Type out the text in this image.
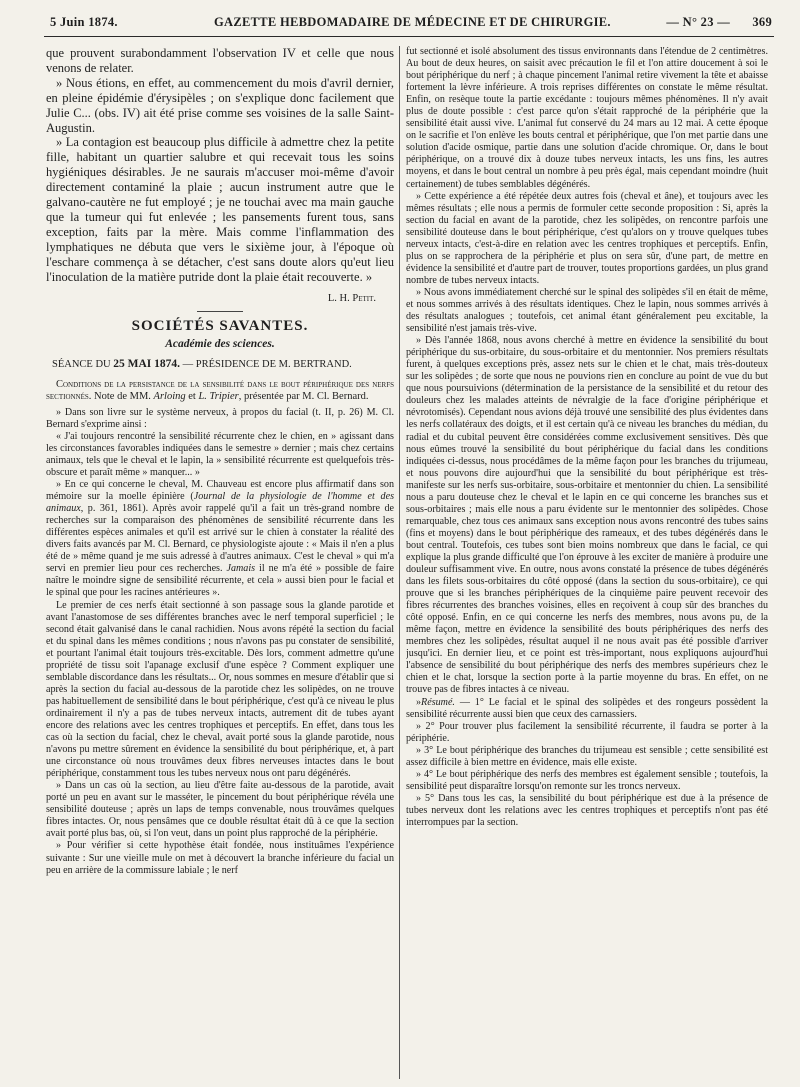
5 Juin 1874.	GAZETTE HEBDOMADAIRE DE MÉDECINE ET DE CHIRURGIE.	— N° 23 — 369

que prouvent surabondamment l'observation IV et celle que nous venons de relater.

» Nous étions, en effet, au commencement du mois d'avril dernier, en pleine épidémie d'érysipèles ; on s'explique donc facilement que Julie C... (obs. IV) ait été prise comme ses voisines de la salle Saint-Augustin.

» La contagion est beaucoup plus difficile à admettre chez la petite fille, habitant un quartier salubre et qui recevait tous les soins hygiéniques désirables. Je ne saurais m'accuser moi-même d'avoir directement contaminé la plaie ; aucun instrument autre que le galvano-cautère ne fut employé ; je ne touchai avec ma main gauche que la tumeur qui fut enlevée ; les pansements furent tous, sans exception, faits par la mère. Mais comme l'inflammation des lymphatiques ne débuta que vers le sixième jour, à l'époque où l'eschare commença à se détacher, c'est sans doute alors qu'eut lieu l'inoculation de la matière putride dont la plaie était recouverte. »

L. H. Petit.

SOCIÉTÉS SAVANTES.
Académie des sciences.

SÉANCE DU 25 MAI 1874. — PRÉSIDENCE DE M. BERTRAND.

Conditions de la persistance de la sensibilité dans le bout périphérique des nerfs sectionnés. Note de MM. Arloing et L. Tripier, présentée par M. Cl. Bernard.

» Dans son livre sur le système nerveux, à propos du facial (t. II, p. 26) M. Cl. Bernard s'exprime ainsi :

« J'ai toujours rencontré la sensibilité récurrente chez le chien, en » agissant dans les circonstances favorables indiquées dans le semestre » dernier ; mais chez certains animaux, tels que le cheval et le lapin, la » sensibilité récurrente est quelquefois très-obscure et paraît même » manquer... »

» En ce qui concerne le cheval, M. Chauveau est encore plus affirmatif dans son mémoire sur la moelle épinière (Journal de la physiologie de l'homme et des animaux, p. 361, 1861). Après avoir rappelé qu'il a fait un très-grand nombre de recherches sur la comparaison des phénomènes de sensibilité récurrente dans les différentes espèces animales et qu'il est arrivé sur le chien à constater la réalité des divers faits avancés par M. Cl. Bernard, ce physiologiste ajoute : « Mais il n'en a plus été de » même quand je me suis adressé à d'autres animaux. C'est le cheval » qui m'a servi en premier lieu pour ces recherches. Jamais il ne m'a été » possible de faire naître le moindre signe de sensibilité récurrente, et cela » aussi bien pour le facial et le spinal que pour les racines antérieures ».

Le premier de ces nerfs était sectionné à son passage sous la glande parotide et avant l'anastomose de ses différentes branches avec le nerf temporal superficiel ; le second était galvanisé dans le canal rachidien. Nous avons répété la section du facial et du spinal dans les mêmes conditions ; nous n'avons pas pu constater de sensibilité, et pourtant l'animal était toujours très-excitable. Dès lors, comment admettre qu'une propriété de tissu soit l'apanage exclusif d'une espèce ? Comment expliquer une semblable discordance dans les résultats... Or, nous sommes en mesure d'établir que si après la section du facial au-dessous de la parotide chez les solipèdes, on ne trouve pas habituellement de sensibilité dans le bout périphérique, c'est qu'à ce niveau le plus ordinairement il n'y a pas de tubes nerveux intacts, autrement dit de tubes ayant encore des relations avec les centres trophiques et perceptifs. En effet, dans tous les cas où la section du facial, chez le cheval, avait porté sous la glande parotide, nous n'avons pu mettre sûrement en évidence la sensibilité du bout périphérique, et, à part une circonstance où nous trouvâmes deux fibres nerveuses intactes dans le bout périphérique, constamment tous les tubes nerveux nous ont paru dégénérés.

» Dans un cas où la section, au lieu d'être faite au-dessous de la parotide, avait porté un peu en avant sur le masséter, le pincement du bout périphérique révéla une sensibilité douteuse ; après un laps de temps convenable, nous trouvâmes quelques fibres intactes. Or, nous pensâmes que ce double résultat était dû à ce que la section avait porté plus bas, où, si l'on veut, dans un point plus rapproché de la périphérie.

» Pour vérifier si cette hypothèse était fondée, nous instituâmes l'expérience suivante : Sur une vieille mule on met à découvert la branche inférieure du facial un peu en arrière de la commissure labiale ; le nerf

fut sectionné et isolé absolument des tissus environnants dans l'étendue de 2 centimètres. Au bout de deux heures, on saisit avec précaution le fil et l'on attire doucement à soi le bout périphérique du nerf ; à chaque pincement l'animal retire vivement la tête et abaisse fortement la lèvre inférieure. A trois reprises différentes on constate le même résultat. Enfin, on resèque toute la partie excédante : toujours mêmes phénomènes. Il n'y avait plus de doute possible : c'est parce qu'on s'était rapproché de la périphérie que la sensibilité était aussi vive. L'animal fut conservé du 24 mars au 12 mai. A cette époque on le sacrifie et l'on enlève les bouts central et périphérique, que l'on met partie dans une solution d'acide osmique, partie dans une solution d'acide chromique. Or, dans le bout périphérique, on a trouvé dix à douze tubes nerveux intacts, les uns fins, les autres moyens, et dans le bout central un nombre à peu près égal, mais cependant moindre (huit certainement) de tubes semblables dégénérés.

» Cette expérience a été répétée deux autres fois (cheval et âne), et toujours avec les mêmes résultats ; elle nous a permis de formuler cette seconde proposition : Si, après la section du facial en avant de la parotide, chez les solipèdes, on rencontre parfois une sensibilité douteuse dans le bout périphérique, c'est qu'alors on y trouve quelques tubes nerveux intacts, c'est-à-dire en relation avec les centres trophiques et perceptifs. Enfin, plus on se rapprochera de la périphérie et plus on sera sûr, d'une part, de mettre en évidence la sensibilité et d'autre part de trouver, toutes proportions gardées, un plus grand nombre de tubes nerveux intacts.

» Nous avons immédiatement cherché sur le spinal des solipèdes s'il en était de même, et nous sommes arrivés à des résultats identiques. Chez le lapin, nous sommes arrivés à des résultats analogues ; toutefois, cet animal étant généralement peu excitable, la sensibilité n'est jamais très-vive.

» Dès l'année 1868, nous avons cherché à mettre en évidence la sensibilité du bout périphérique du sus-orbitaire, du sous-orbitaire et du mentonnier. Nos premiers résultats furent, à quelques exceptions près, assez nets sur le chien et le chat, mais très-douteux sur les solipèdes ; de sorte que nous ne pouvions rien en conclure au point de vue du but que nous poursuivions (détermination de la persistance de la sensibilité et du retour des douleurs chez les malades atteints de névralgie de la face d'origine périphérique et névrotomisés). Cependant nous avions déjà trouvé une sensibilité des plus évidentes dans les nerfs collatéraux des doigts, et il est certain qu'à ce niveau les branches du médian, du radial et du cubital peuvent être considérées comme exclusivement sensitives. Dès que nous eûmes trouvé la sensibilité du bout périphérique du facial dans les conditions indiquées ci-dessus, nous procédâmes de la même façon pour les branches du trijumeau, et nous pouvons dire aujourd'hui que la sensibilité du bout périphérique est très-manifeste sur les nerfs sus-orbitaire, sous-orbitaire et mentonnier du chien. La sensibilité nous a paru douteuse chez le cheval et le lapin en ce qui concerne les branches sus et sous-orbitaires ; mais elle nous a paru évidente sur le mentonnier des solipèdes. Chose remarquable, chez tous ces animaux sans exception nous avons rencontré des tubes sains (fins et moyens) dans le bout périphérique des rameaux, et des tubes dégénérés dans le bout central. Toutefois, ces tubes sont bien moins nombreux que dans le facial, ce qui explique la plus grande difficulté que l'on éprouve à les exciter de manière à produire une douleur suffisamment vive. En outre, nous avons constaté la présence de tubes dégénérés dans les filets sous-orbitaires du côté opposé (dans la section du sous-orbitaire), ce qui prouve que si les branches périphériques de la cinquième paire peuvent recevoir des fibres récurrentes des branches voisines, elles en reçoivent à coup sûr des branches du côté opposé. Enfin, en ce qui concerne les nerfs des membres, nous avons pu, de la même façon, mettre en évidence la sensibilité des bouts périphériques des nerfs des membres chez les solipèdes, résultat auquel il ne nous avait pas été possible d'arriver jusqu'ici. En dernier lieu, et ce point est très-important, nous expliquons aujourd'hui l'absence de sensibilité du bout périphérique des nerfs des membres supérieurs chez le chien et le chat, lorsque la section porte à la partie moyenne du bras. En effet, on ne trouve pas de fibres intactes à ce niveau.

»Résumé. — 1° Le facial et le spinal des solipèdes et des rongeurs possèdent la sensibilité récurrente aussi bien que ceux des carnassiers.

» 2° Pour trouver plus facilement la sensibilité récurrente, il faudra se porter à la périphérie.

» 3° Le bout périphérique des branches du trijumeau est sensible ; cette sensibilité est assez difficile à bien mettre en évidence, mais elle existe.

» 4° Le bout périphérique des nerfs des membres est également sensible ; toutefois, la sensibilité peut disparaître lorsqu'on remonte sur les troncs nerveux.

» 5° Dans tous les cas, la sensibilité du bout périphérique est due à la présence de tubes nerveux dont les relations avec les centres trophiques et perceptifs n'ont pas été interrompues par la section.
